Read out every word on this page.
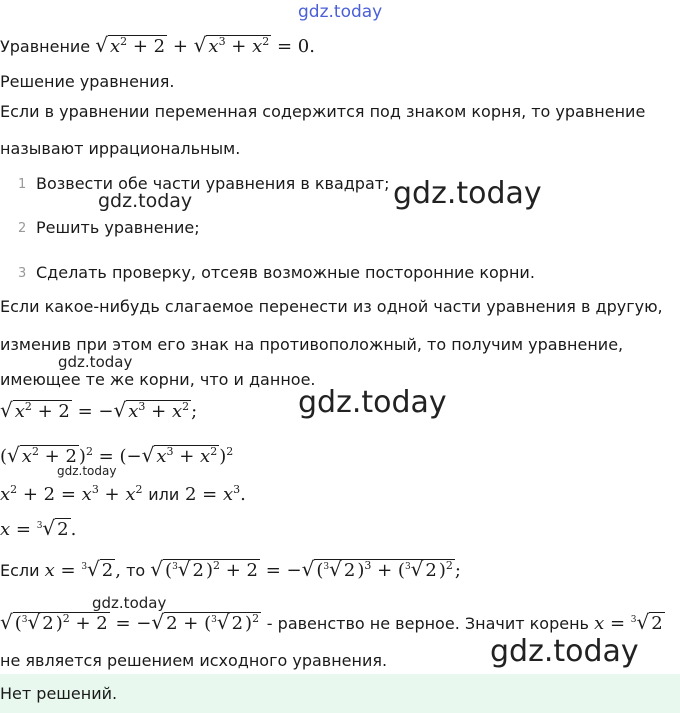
gdz.today
gdz.today
gdz.today
gdz.today
gdz.today
gdz.today
gdz.today
gdz.today
Уравнение √ $x^2 + 2$ + √ $x^3 + x^2 = 0$.
Решение уравнения.
Если в уравнении переменная содержится под знаком корня, то уравнение
называют иррациональным.
1 Возвести обе части уравнения в квадрат;
2 Решить уравнение;
3 Сделать проверку, отсеяв возможные посторонние корни.
Если какое-нибудь слагаемое перенести из одной части уравнения в другую,
изменив при этом его знак на противоположный, то получим уравнение,
имеющее те же корни, что и данное.
√ $x^2 + 2$ = −√ $x^3 + x^2$ ;
(√ $x^2 + 2$ )$^2$ = (−√ $x^3 + x^2$ )$^2$
$x^2 + 2 = x^3 + x^2$ или $2 = x^3$.
x = $^3$√ 2 .
Если x = $^3$√ 2 , то √ ($^3$√ 2 )$^2$ + 2 = −√ ($^3$√ 2 )$^3$ + ($^3$√ 2 )$^2$ ;
√ ($^3$√ 2 )$^2$ + 2 = −√ 2 + ($^3$√ 2 )$^2$ - равенство не верное. Значит корень x = $^3$√ 2
не является решением исходного уравнения.
Нет решений.
